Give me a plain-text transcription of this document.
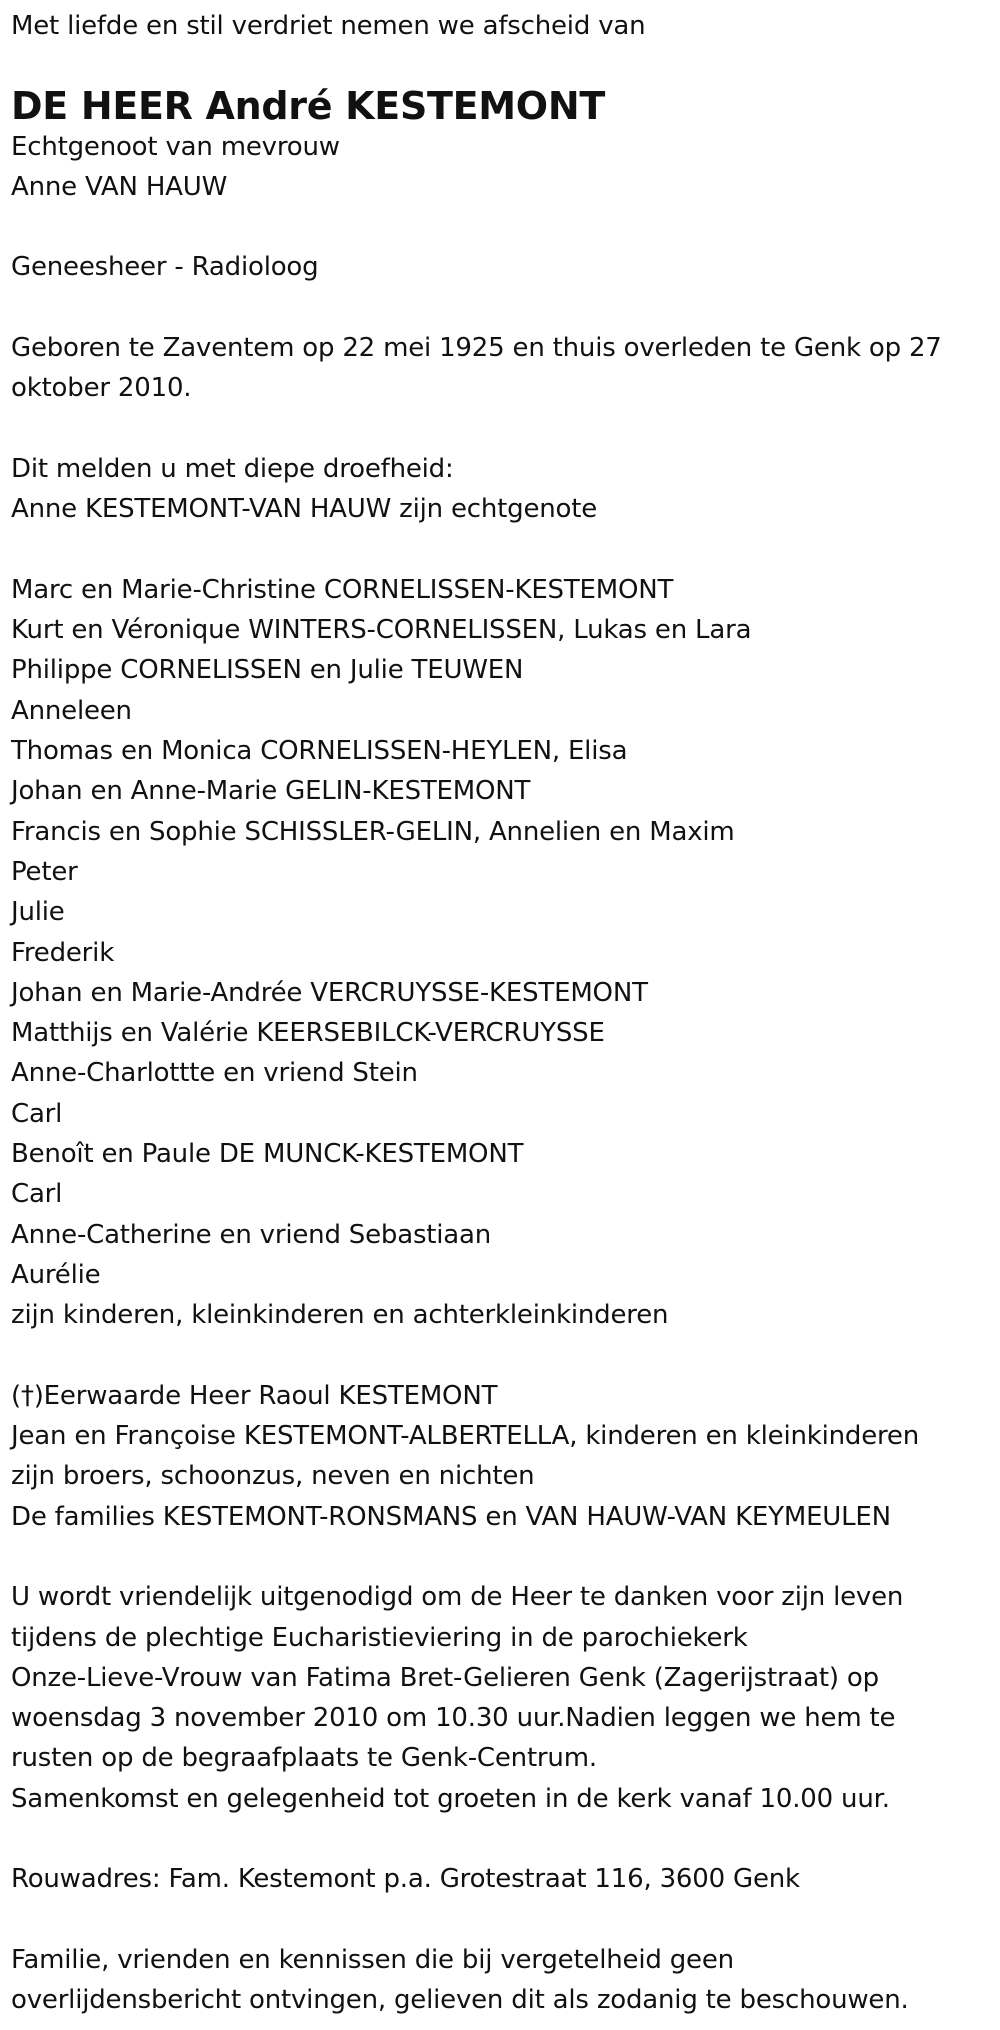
Met liefde en stil verdriet nemen we afscheid van
DE HEER André KESTEMONT
Echtgenoot van mevrouw
Anne VAN HAUW
Geneesheer - Radioloog
Geboren te Zaventem op 22 mei 1925 en thuis overleden te Genk op 27
oktober 2010.
Dit melden u met diepe droefheid:
Anne KESTEMONT-VAN HAUW zijn echtgenote
Marc en Marie-Christine CORNELISSEN-KESTEMONT
Kurt en Véronique WINTERS-CORNELISSEN, Lukas en Lara
Philippe CORNELISSEN en Julie TEUWEN
Anneleen
Thomas en Monica CORNELISSEN-HEYLEN, Elisa
Johan en Anne-Marie GELIN-KESTEMONT
Francis en Sophie SCHISSLER-GELIN, Annelien en Maxim
Peter
Julie
Frederik
Johan en Marie-Andrée VERCRUYSSE-KESTEMONT
Matthijs en Valérie KEERSEBILCK-VERCRUYSSE
Anne-Charlottte en vriend Stein
Carl
Benoît en Paule DE MUNCK-KESTEMONT
Carl
Anne-Catherine en vriend Sebastiaan
Aurélie
zijn kinderen, kleinkinderen en achterkleinkinderen
(†)Eerwaarde Heer Raoul KESTEMONT
Jean en Françoise KESTEMONT-ALBERTELLA, kinderen en kleinkinderen
zijn broers, schoonzus, neven en nichten
De families KESTEMONT-RONSMANS en VAN HAUW-VAN KEYMEULEN
U wordt vriendelijk uitgenodigd om de Heer te danken voor zijn leven
tijdens de plechtige Eucharistieviering in de parochiekerk
Onze-Lieve-Vrouw van Fatima Bret-Gelieren Genk (Zagerijstraat) op
woensdag 3 november 2010 om 10.30 uur.Nadien leggen we hem te
rusten op de begraafplaats te Genk-Centrum.
Samenkomst en gelegenheid tot groeten in de kerk vanaf 10.00 uur.
Rouwadres: Fam. Kestemont p.a. Grotestraat 116, 3600 Genk
Familie, vrienden en kennissen die bij vergetelheid geen
overlijdensbericht ontvingen, gelieven dit als zodanig te beschouwen.
